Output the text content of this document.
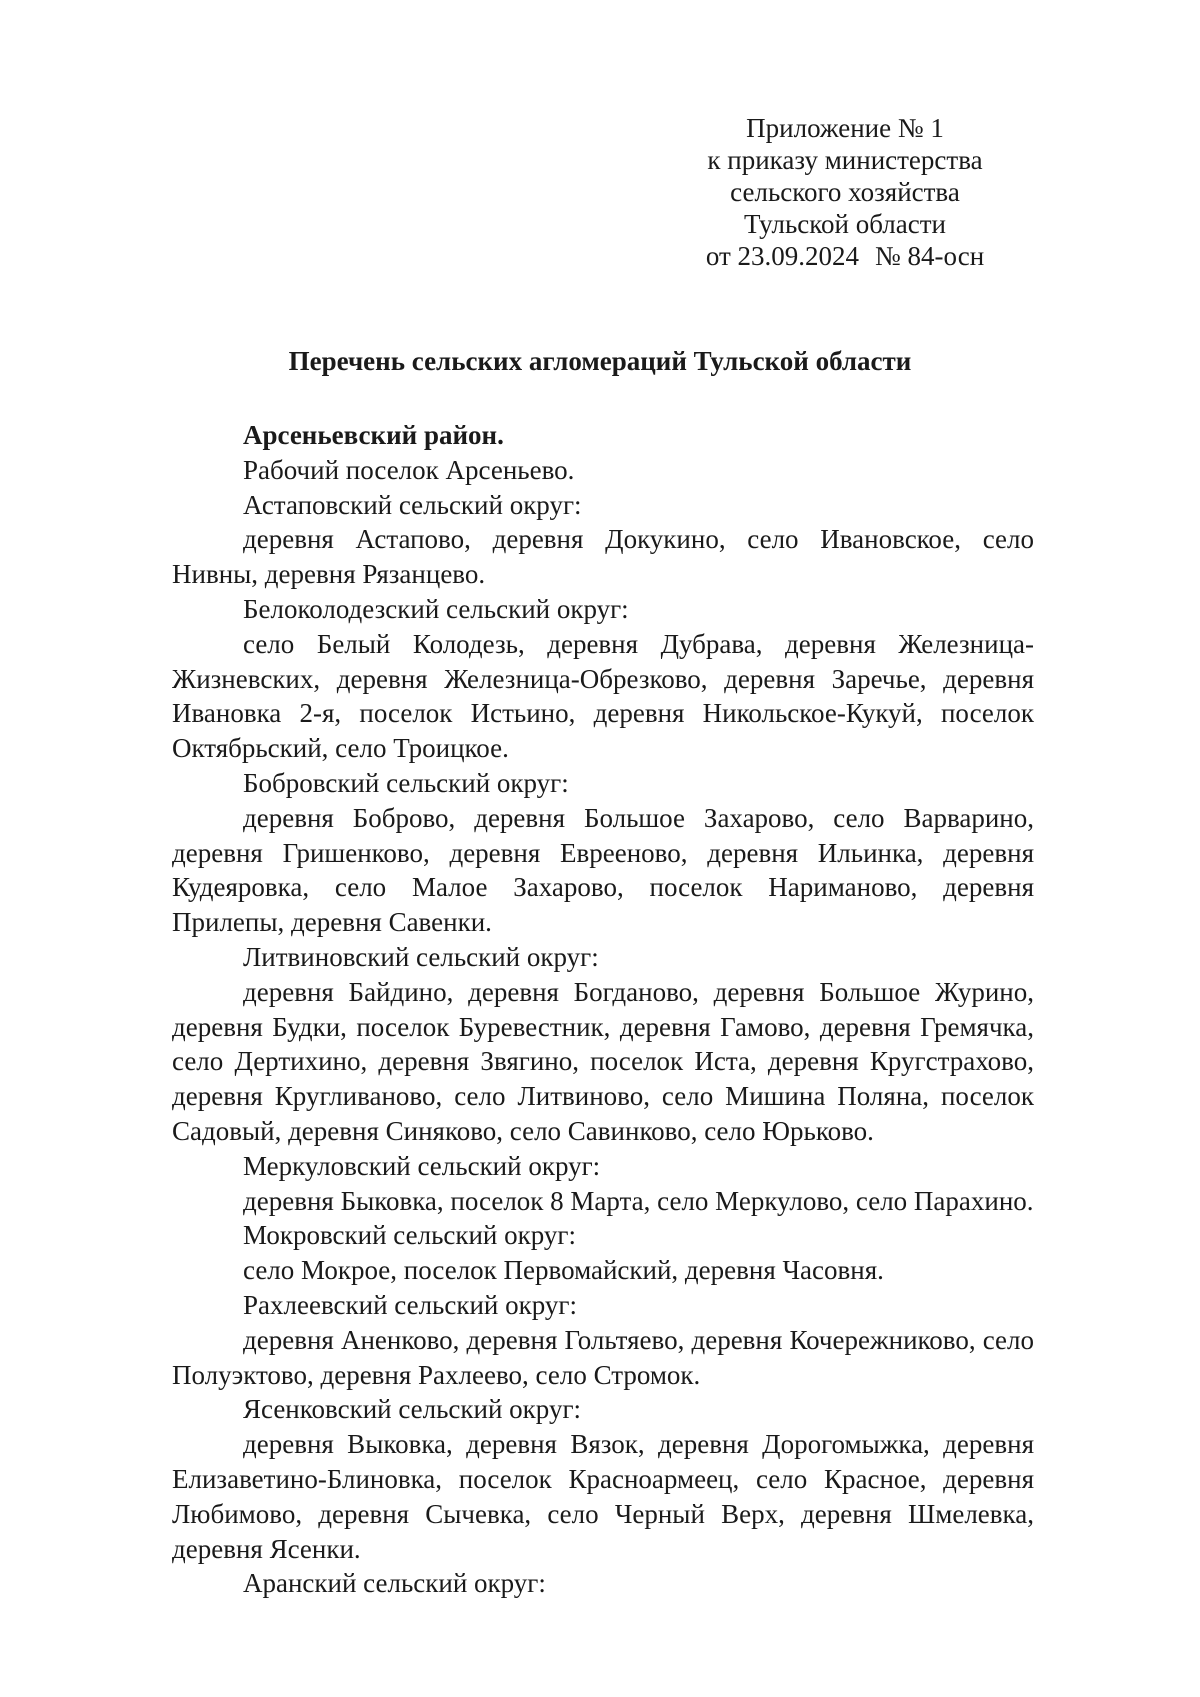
Приложение № 1
к приказу министерства
сельского хозяйства
Тульской области
от 23.09.2024 № 84-осн
Перечень сельских агломераций Тульской области

Арсеньевский район.

Рабочий поселок Арсеньево.

Астаповский сельский округ:

деревня Астапово, деревня Докукино, село Ивановское, село Нивны, деревня Рязанцево.

Белоколодезский сельский округ:

село Белый Колодезь, деревня Дубрава, деревня Железница-Жизневских, деревня Железница-Обрезково, деревня Заречье, деревня Ивановка 2-я, поселок Истьино, деревня Никольское-Кукуй, поселок Октябрьский, село Троицкое.

Бобровский сельский округ:

деревня Боброво, деревня Большое Захарово, село Варварино, деревня Гришенково, деревня Еврееново, деревня Ильинка, деревня Кудеяровка, село Малое Захарово, поселок Нариманово, деревня Прилепы, деревня Савенки.

Литвиновский сельский округ:

деревня Байдино, деревня Богданово, деревня Большое Журино, деревня Будки, поселок Буревестник, деревня Гамово, деревня Гремячка, село Дертихино, деревня Звягино, поселок Иста, деревня Кругстрахово, деревня Кругливаново, село Литвиново, село Мишина Поляна, поселок Садовый, деревня Синяково, село Савинково, село Юрьково.

Меркуловский сельский округ:

деревня Быковка, поселок 8 Марта, село Меркулово, село Парахино.

Мокровский сельский округ:

село Мокрое, поселок Первомайский, деревня Часовня.

Рахлеевский сельский округ:

деревня Аненково, деревня Гольтяево, деревня Кочережниково, село Полуэктово, деревня Рахлеево, село Стромок.

Ясенковский сельский округ:

деревня Выковка, деревня Вязок, деревня Дорогомыжка, деревня Елизаветино-Блиновка, поселок Красноармеец, село Красное, деревня Любимово, деревня Сычевка, село Черный Верх, деревня Шмелевка, деревня Ясенки.

Аранский сельский округ:
